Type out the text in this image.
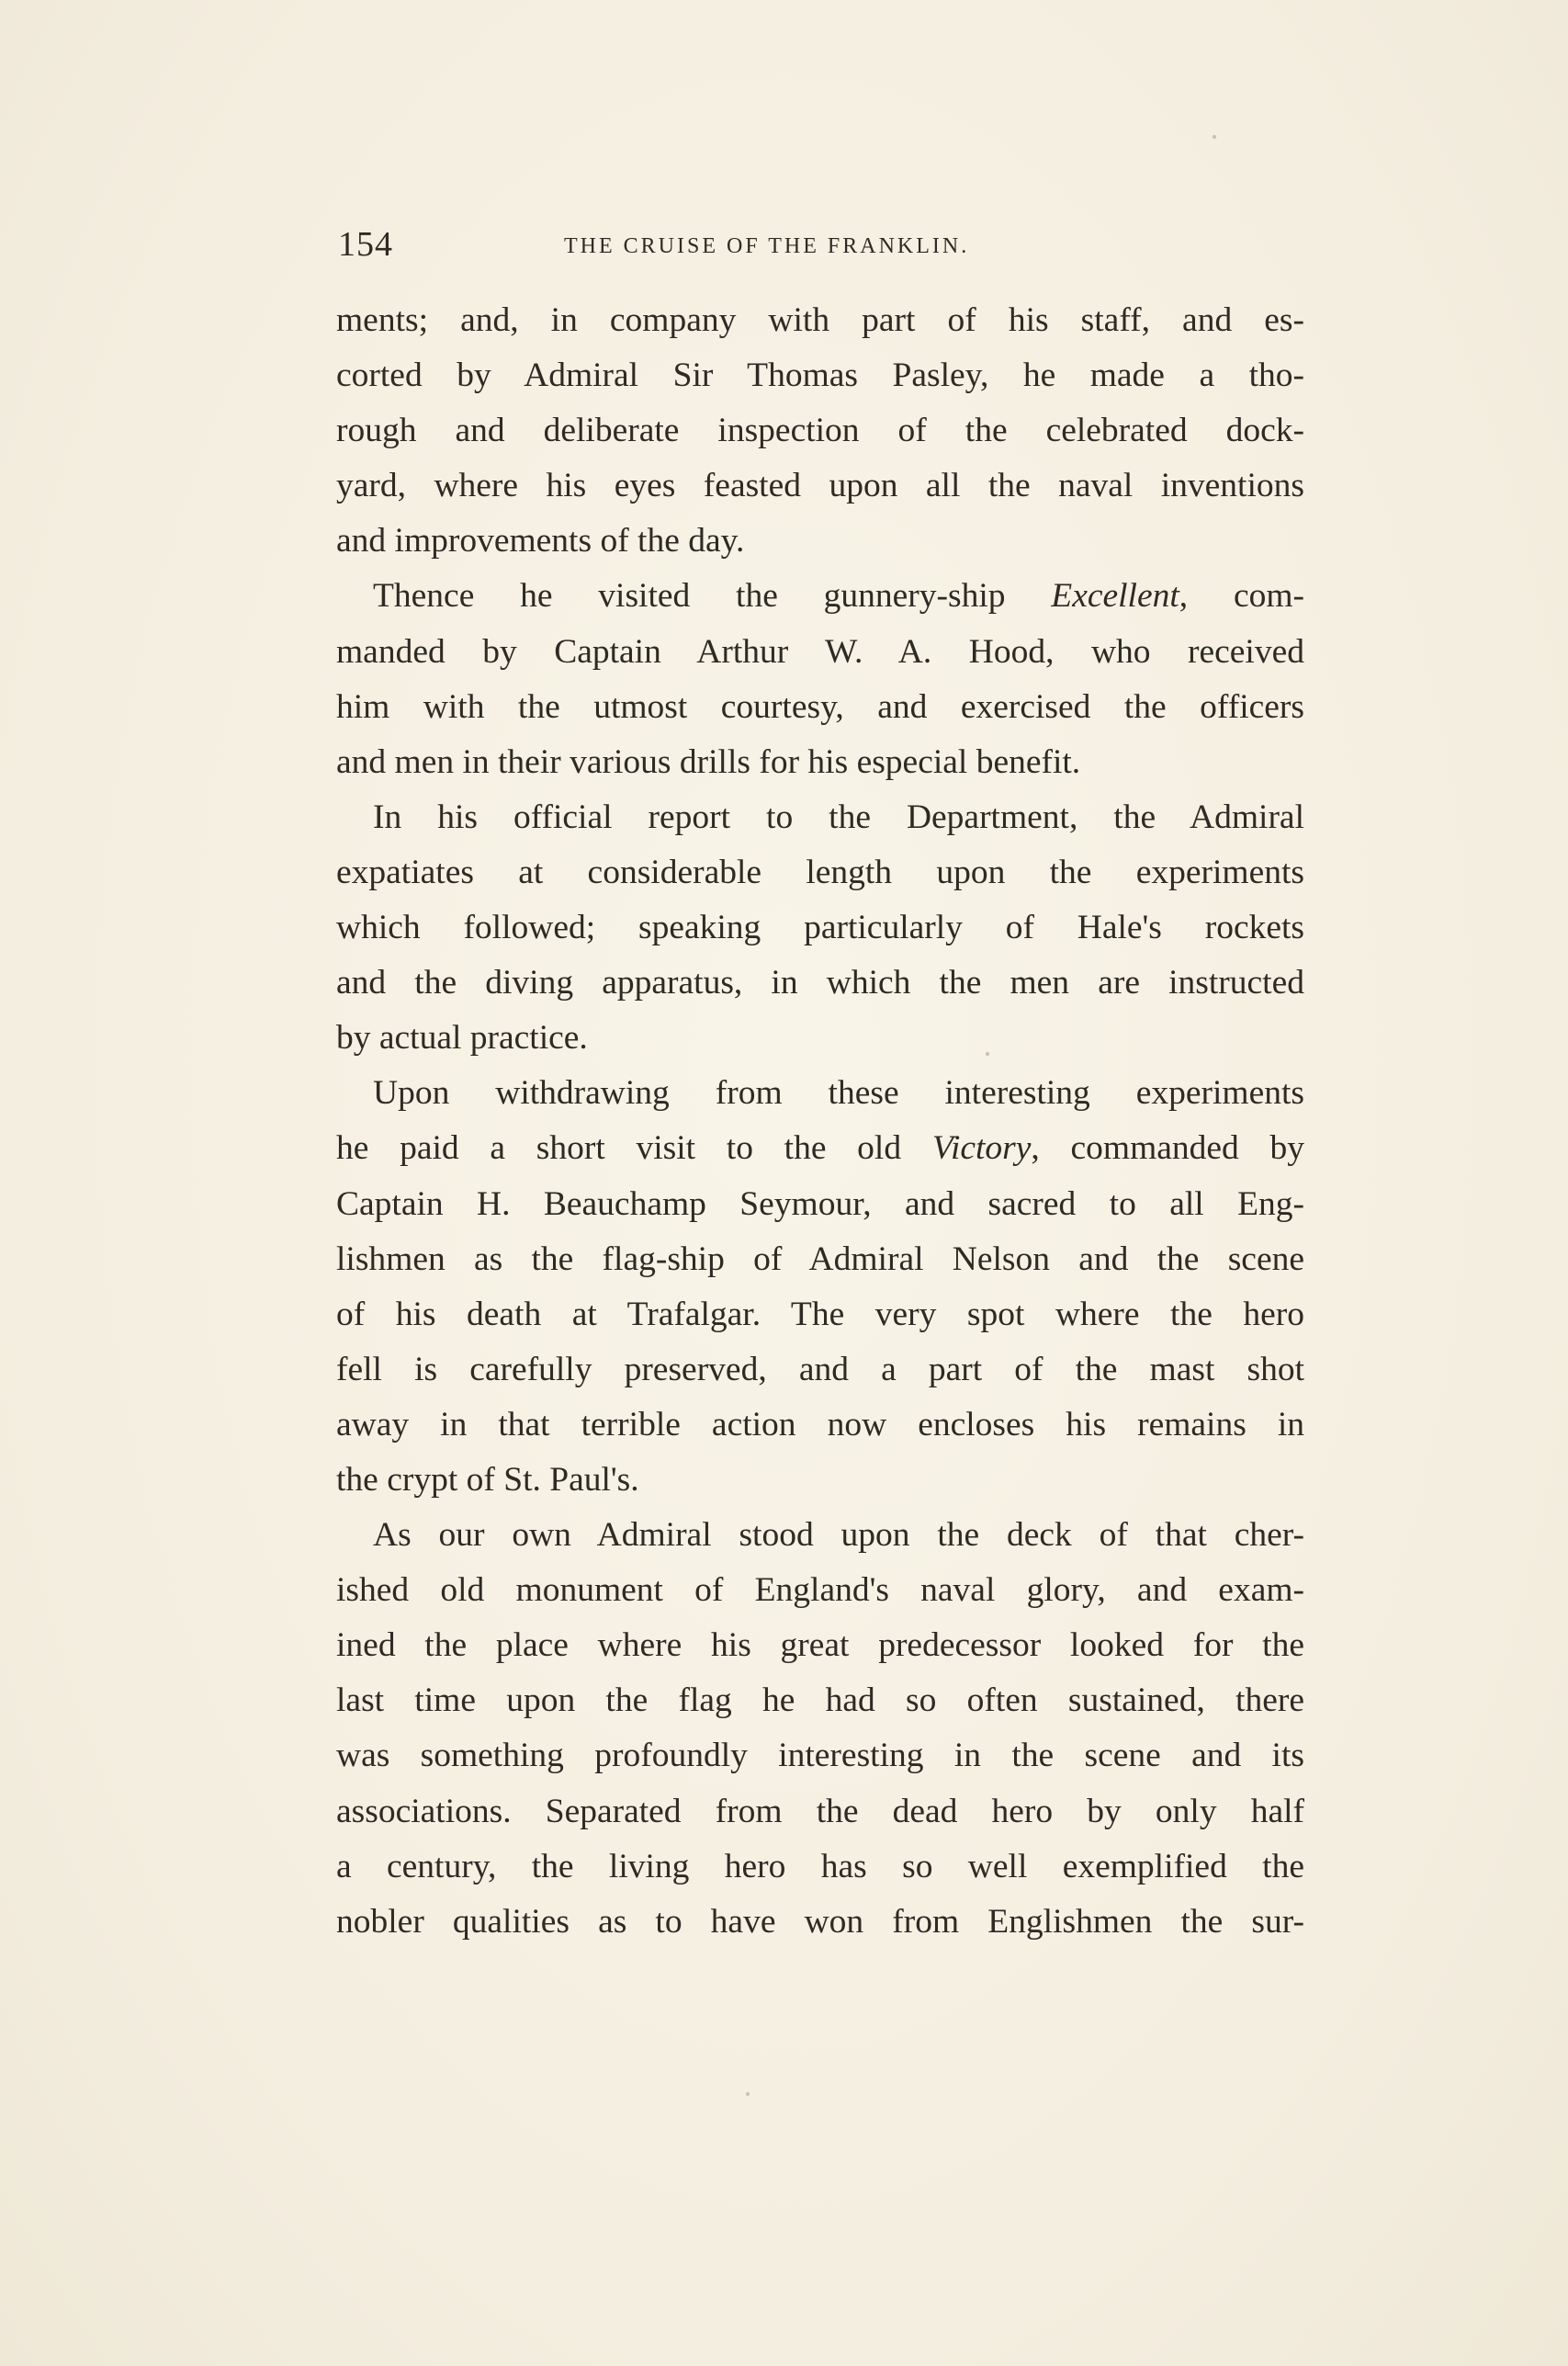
154	THE CRUISE OF THE FRANKLIN.
ments; and, in company with part of his staff, and es-
corted by Admiral Sir Thomas Pasley, he made a tho-
rough and deliberate inspection of the celebrated dock-
yard, where his eyes feasted upon all the naval inventions
and improvements of the day.
Thence he visited the gunnery-ship Excellent, com-
manded by Captain Arthur W. A. Hood, who received
him with the utmost courtesy, and exercised the officers
and men in their various drills for his especial benefit.
In his official report to the Department, the Admiral
expatiates at considerable length upon the experiments
which followed; speaking particularly of Hale's rockets
and the diving apparatus, in which the men are instructed
by actual practice.
Upon withdrawing from these interesting experiments
he paid a short visit to the old Victory, commanded by
Captain H. Beauchamp Seymour, and sacred to all Eng-
lishmen as the flag-ship of Admiral Nelson and the scene
of his death at Trafalgar. The very spot where the hero
fell is carefully preserved, and a part of the mast shot
away in that terrible action now encloses his remains in
the crypt of St. Paul's.
As our own Admiral stood upon the deck of that cher-
ished old monument of England's naval glory, and exam-
ined the place where his great predecessor looked for the
last time upon the flag he had so often sustained, there
was something profoundly interesting in the scene and its
associations. Separated from the dead hero by only half
a century, the living hero has so well exemplified the
nobler qualities as to have won from Englishmen the sur-
